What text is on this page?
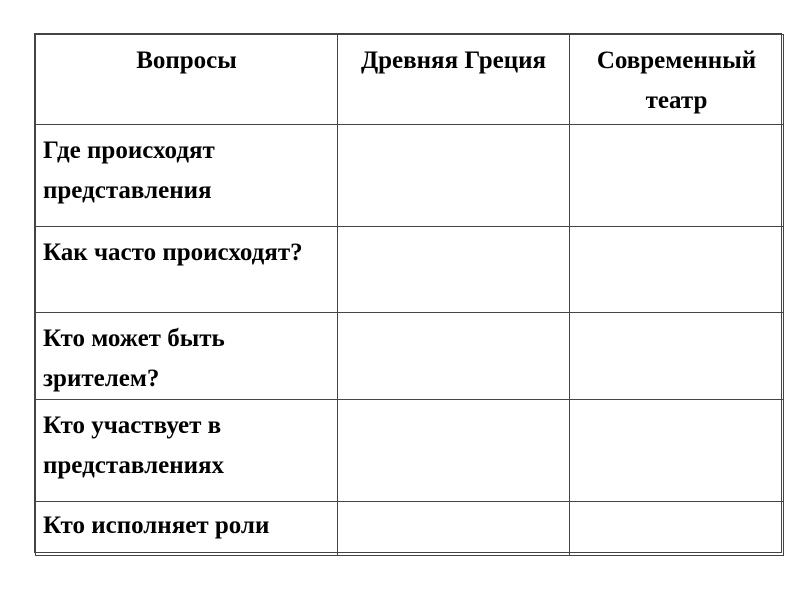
Вопросы	Древняя Греция	Современный театр
Где происходят представления		
Как часто происходят?		
Кто может быть зрителем?		
Кто участвует в представлениях		
Кто исполняет роли		
